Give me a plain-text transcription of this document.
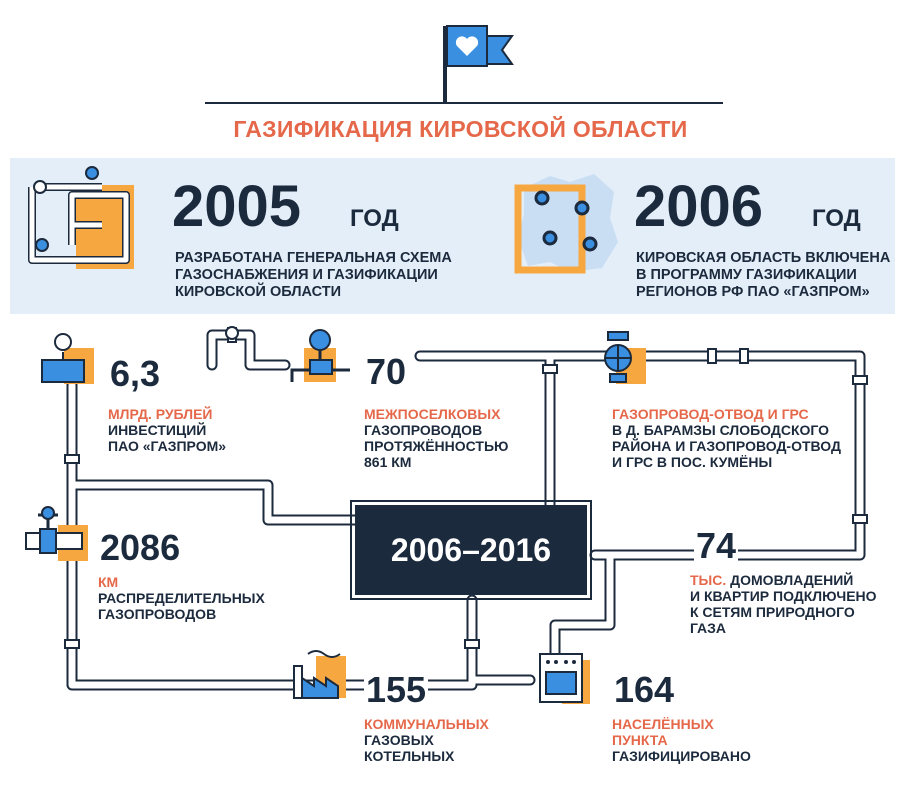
ГАЗИФИКАЦИЯ КИРОВСКОЙ ОБЛАСТИ
2005 ГОД
РАЗРАБОТАНА ГЕНЕРАЛЬНАЯ СХЕМА
ГАЗОСНАБЖЕНИЯ И ГАЗИФИКАЦИИ
КИРОВСКОЙ ОБЛАСТИ
2006 ГОД
КИРОВСКАЯ ОБЛАСТЬ ВКЛЮЧЕНА
В ПРОГРАММУ ГАЗИФИКАЦИИ
РЕГИОНОВ РФ ПАО «ГАЗПРОМ»
2006–2016
6,3
МЛРД. РУБЛЕЙ
ИНВЕСТИЦИЙ
ПАО «ГАЗПРОМ»
70
МЕЖПОСЕЛКОВЫХ
ГАЗОПРОВОДОВ
ПРОТЯЖЁННОСТЬЮ
861 КМ
ГАЗОПРОВОД-ОТВОД И ГРС
В Д. БАРАМЗЫ СЛОБОДСКОГО
РАЙОНА И ГАЗОПРОВОД-ОТВОД
И ГРС В ПОС. КУМЁНЫ
2086
КМ
РАСПРЕДЕЛИТЕЛЬНЫХ
ГАЗОПРОВОДОВ
74
ТЫС. ДОМОВЛАДЕНИЙ
И КВАРТИР ПОДКЛЮЧЕНО
К СЕТЯМ ПРИРОДНОГО
ГАЗА
155
КОММУНАЛЬНЫХ
ГАЗОВЫХ
КОТЕЛЬНЫХ
164
НАСЕЛЁННЫХ
ПУНКТА
ГАЗИФИЦИРОВАНО
